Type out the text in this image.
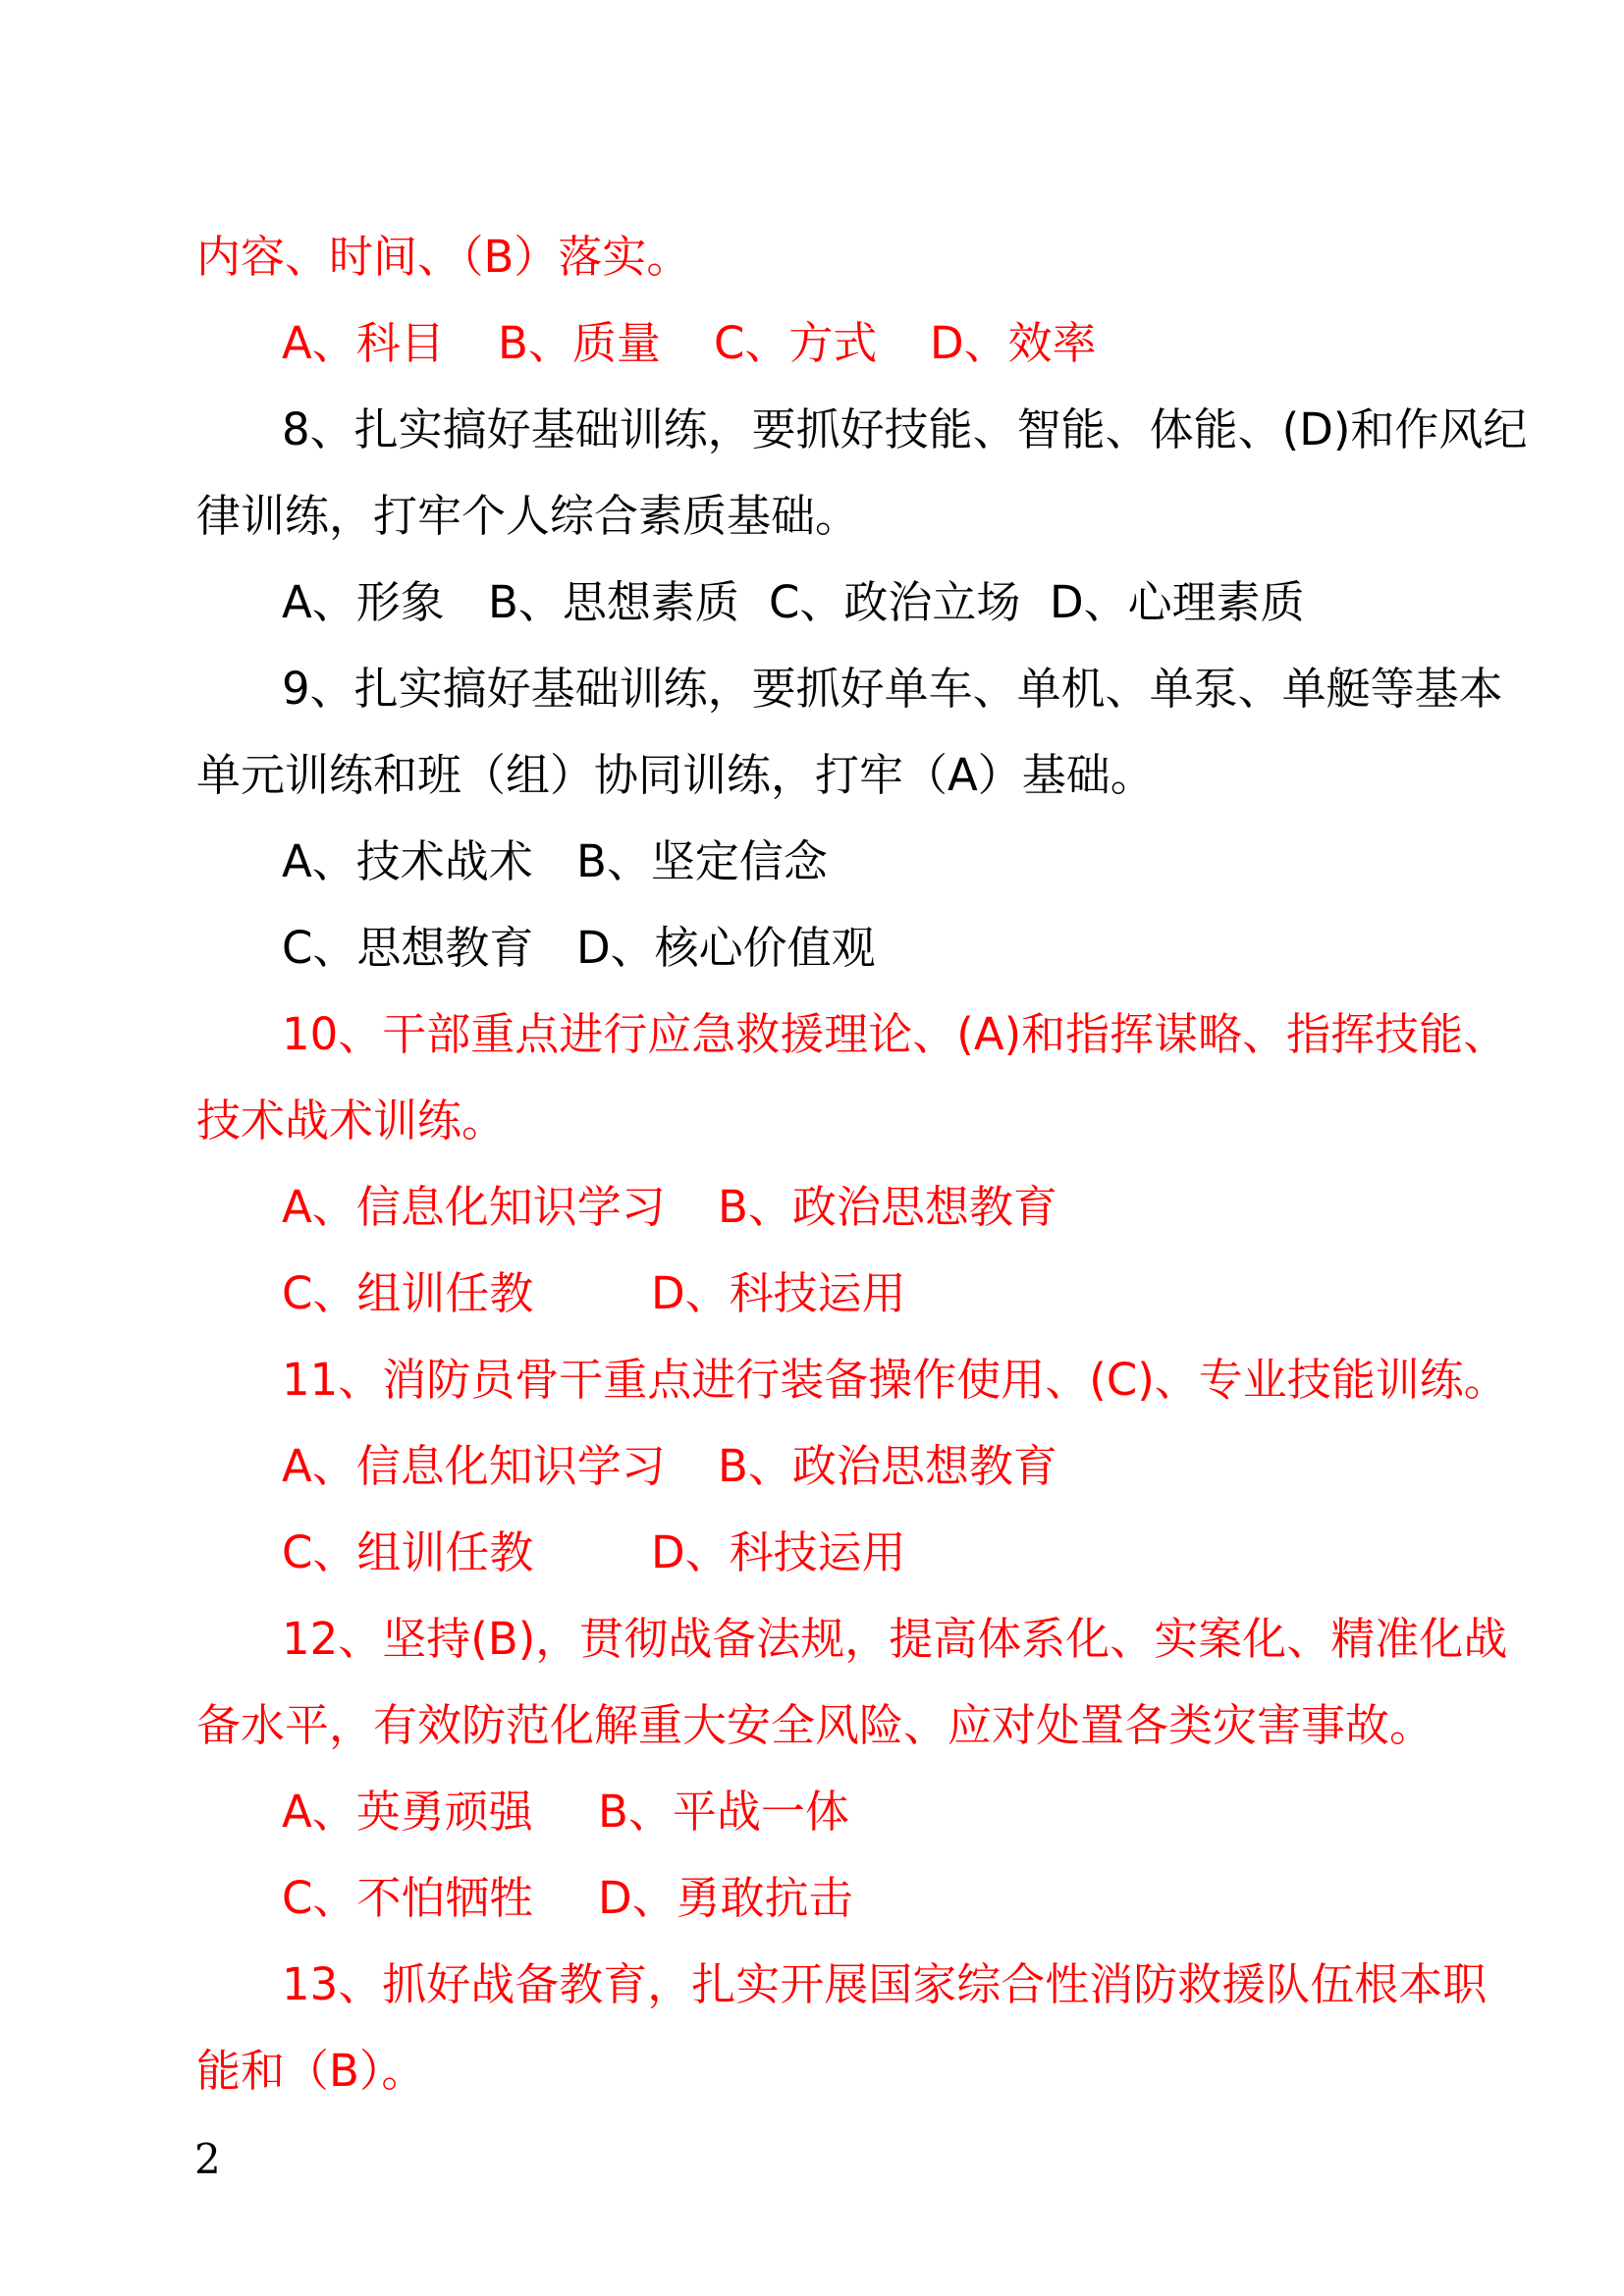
内容、时间、（B）落实。
A、科目 B、质量 C、方式 D、效率
8、扎实搞好基础训练，要抓好技能、智能、体能、(D)和作风纪
律训练，打牢个人综合素质基础。
A、形象 B、思想素质 C、政治立场 D、心理素质
9、扎实搞好基础训练，要抓好单车、单机、单泵、单艇等基本
单元训练和班（组）协同训练，打牢（A）基础。
A、技术战术 B、坚定信念
C、思想教育 D、核心价值观
10、干部重点进行应急救援理论、(A)和指挥谋略、指挥技能、
技术战术训练。
A、信息化知识学习 B、政治思想教育
C、组训任教	D、科技运用
11、消防员骨干重点进行装备操作使用、(C)、专业技能训练。
A、信息化知识学习 B、政治思想教育
C、组训任教	D、科技运用
12、坚持(B)，贯彻战备法规，提高体系化、实案化、精准化战
备水平，有效防范化解重大安全风险、应对处置各类灾害事故。
A、英勇顽强 B、平战一体
C、不怕牺牲 D、勇敢抗击
13、抓好战备教育，扎实开展国家综合性消防救援队伍根本职
能和（B）。
2
